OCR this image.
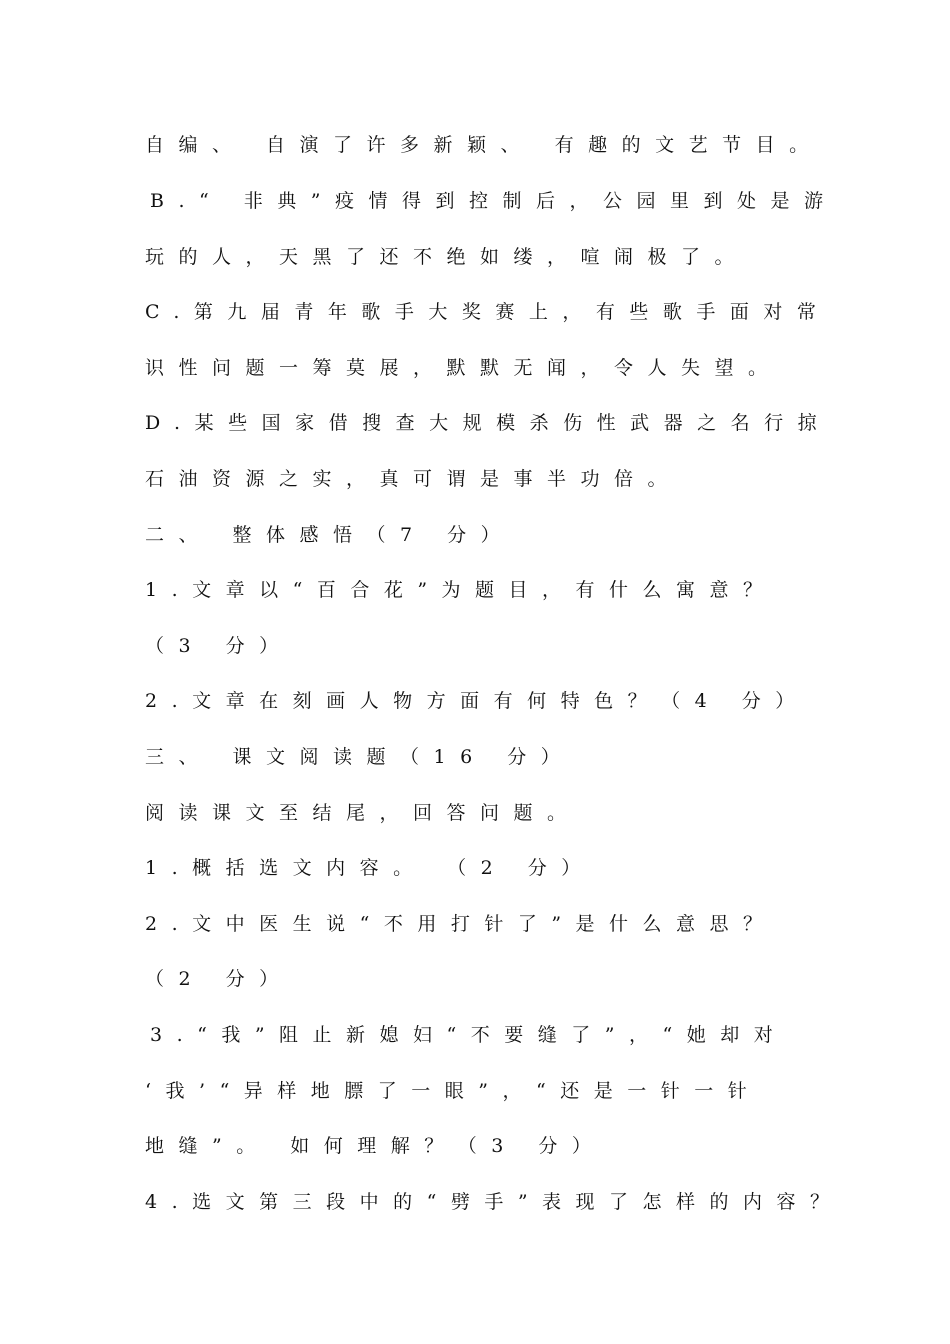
自编、 自演了许多新颖、 有趣的文艺节目。
B.“ 非典”疫情得到控制后，公园里到处是游
玩的人，天黑了还不绝如缕，喧闹极了。
C.第九届青年歌手大奖赛上，有些歌手面对常
识性问题一筹莫展，默默无闻，令人失望。
D.某些国家借搜查大规模杀伤性武器之名行掠
石油资源之实，真可谓是事半功倍。
二、 整体感悟（7 分）
1.文章以“百合花”为题目，有什么寓意？
（3 分）
2.文章在刻画人物方面有何特色？（4 分）
三、 课文阅读题（16 分）
阅读课文至结尾，回答问题。
1.概括选文内容。 （2 分）
2.文中医生说“不用打针了”是什么意思？
（2 分）
3.“我”阻止新媳妇“不要缝了”，“她却对
‘我’“异样地膘了一眼”，“还是一针一针
地缝”。 如何理解？（3 分）
4.选文第三段中的“劈手”表现了怎样的内容？
